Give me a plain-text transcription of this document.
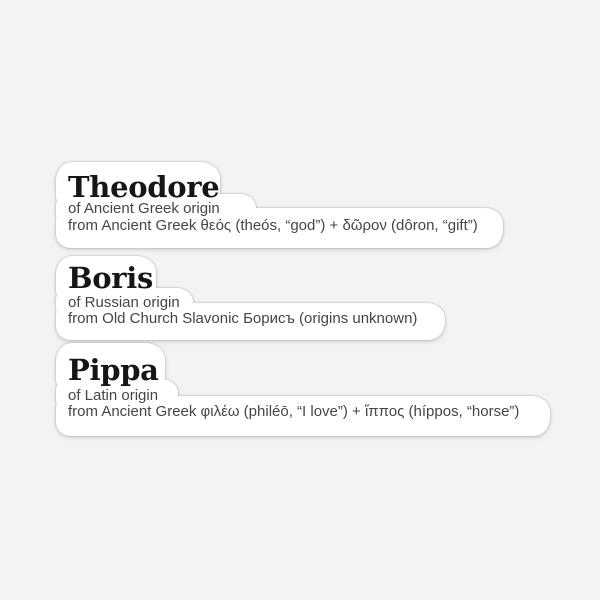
Theodore

of Ancient Greek origin

from Ancient Greek θεός (theós, “god”) + δῶρον (dôron, “gift”)

Boris

of Russian origin

from Old Church Slavonic Борисъ (origins unknown)

Pippa

of Latin origin

from Ancient Greek φιλέω (philéō, “I love”) + ἵππος (híppos, “horse”)
